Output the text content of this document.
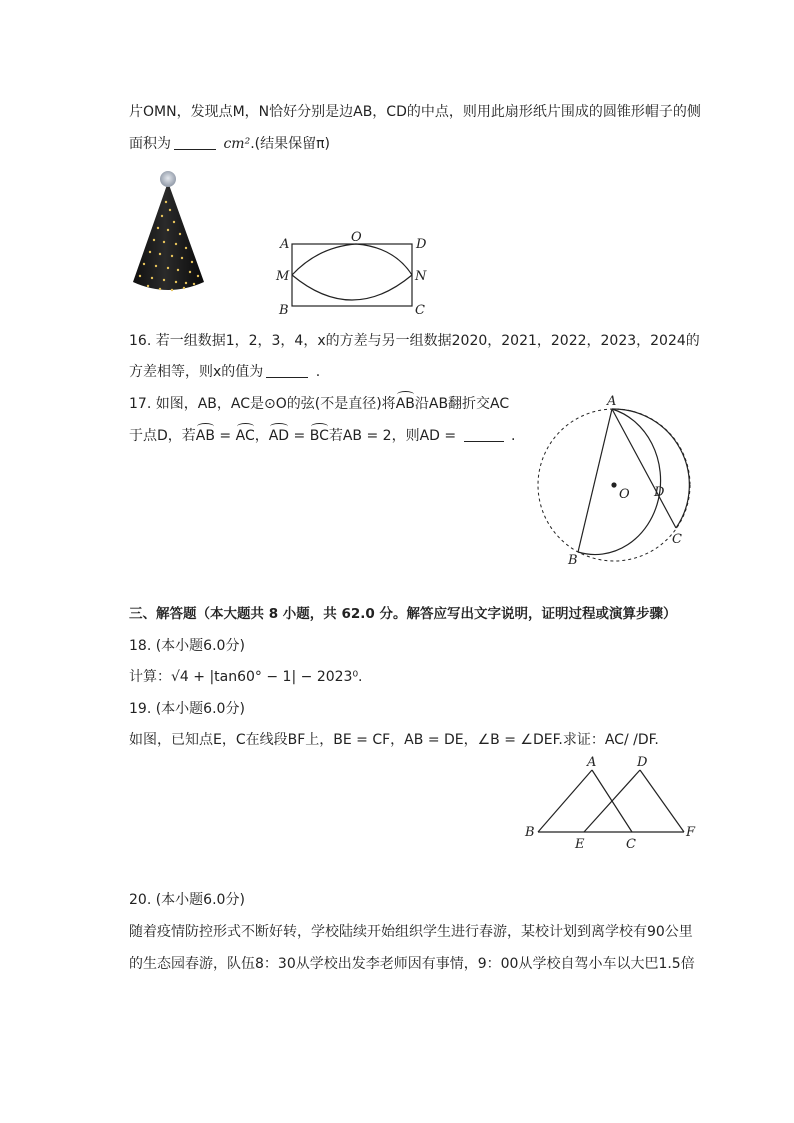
片OMN，发现点M，N恰好分别是边AB，CD的中点，则用此扇形纸片围成的圆锥形帽子的侧
面积为	cm².(结果保留π)
A	O	D
M	N
B	C
16. 若一组数据1，2，3，4，x的方差与另一组数据2020，2021，2022，2023，2024的
方差相等，则x的值为	.
17. 如图，AB，AC是⊙O的弦(不是直径)将AB沿AB翻折交AC
于点D，若AB = AC，AD = BC若AB = 2，则AD =	.
A
O D
C
B
三、解答题（本大题共 8 小题，共 62.0 分。解答应写出文字说明，证明过程或演算步骤）
18. (本小题6.0分)
计算：√4 + |tan60° − 1| − 2023⁰.
19. (本小题6.0分)
如图，已知点E，C在线段BF上，BE = CF，AB = DE，∠B = ∠DEF.求证：AC/ /DF.
A	D
B
E	C
F
20. (本小题6.0分)
随着疫情防控形式不断好转，学校陆续开始组织学生进行春游，某校计划到离学校有90公里
的生态园春游，队伍8：30从学校出发李老师因有事情，9：00从学校自驾小车以大巴1.5倍
